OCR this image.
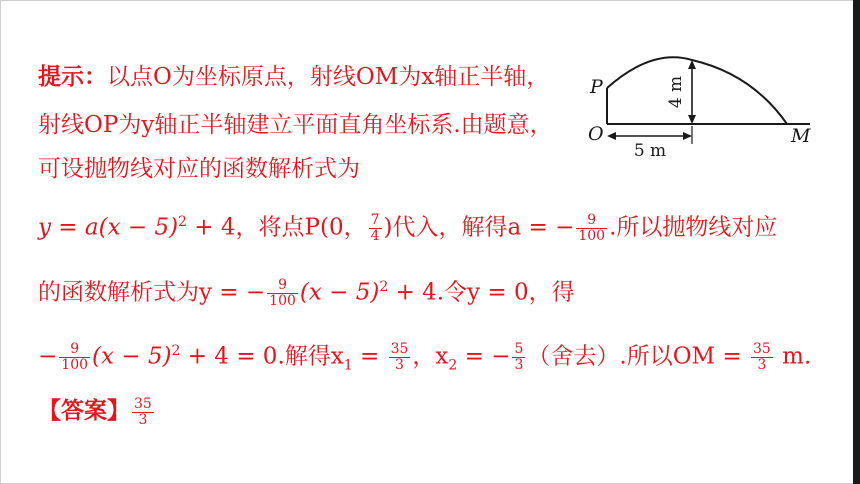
提示：以点O为坐标原点，射线OM为x轴正半轴，
射线OP为y轴正半轴建立平面直角坐标系.由题意，
可设抛物线对应的函数解析式为
$y = a(x - 5)^2 + 4$，将点P(0， $\frac{7}{4}$ )代入，解得a = − $\frac{9}{100}$ .所以抛物线对应
的函数解析式为y = − $\frac{9}{100} (x - 5)^2 + 4$.令y = 0，得
− $\frac{9}{100} (x - 5)^2 + 4 = 0$.解得$x_1 = \frac{35}{3}$ ，$x_2$ = − $\frac{5}{3}$ （舍去）.所以OM = $\frac{35}{3} m$.
【答案】 $\frac{35}{3}$
4 m
5 m
P
O	M
